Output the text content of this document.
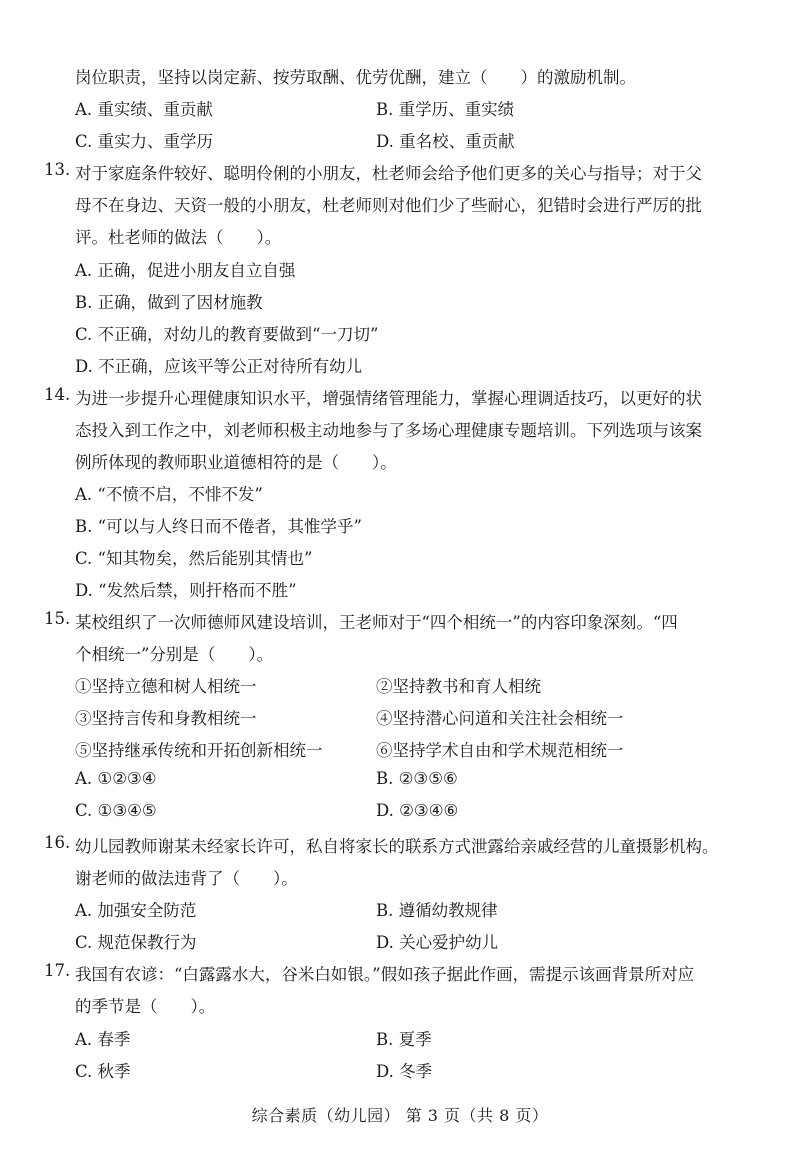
岗位职责，坚持以岗定薪、按劳取酬、优劳优酬，建立（　　）的激励机制。
A. 重实绩、重贡献	B. 重学历、重实绩
C. 重实力、重学历	D. 重名校、重贡献
13. 对于家庭条件较好、聪明伶俐的小朋友，杜老师会给予他们更多的关心与指导；对于父
母不在身边、天资一般的小朋友，杜老师则对他们少了些耐心，犯错时会进行严厉的批
评。杜老师的做法（　　）。
A. 正确，促进小朋友自立自强
B. 正确，做到了因材施教
C. 不正确，对幼儿的教育要做到“一刀切”
D. 不正确，应该平等公正对待所有幼儿
14. 为进一步提升心理健康知识水平，增强情绪管理能力，掌握心理调适技巧，以更好的状
态投入到工作之中，刘老师积极主动地参与了多场心理健康专题培训。下列选项与该案
例所体现的教师职业道德相符的是（　　）。
A. “不愤不启，不悱不发”
B. “可以与人终日而不倦者，其惟学乎”
C. “知其物矣，然后能别其情也”
D. “发然后禁，则扞格而不胜”
15. 某校组织了一次师德师风建设培训，王老师对于“四个相统一”的内容印象深刻。“四
个相统一”分别是（　　）。
①坚持立德和树人相统一	②坚持教书和育人相统
③坚持言传和身教相统一	④坚持潜心问道和关注社会相统一
⑤坚持继承传统和开拓创新相统一	⑥坚持学术自由和学术规范相统一
A. ①②③④	B. ②③⑤⑥
C. ①③④⑤	D. ②③④⑥
16. 幼儿园教师谢某未经家长许可，私自将家长的联系方式泄露给亲戚经营的儿童摄影机构。
谢老师的做法违背了（　　）。
A. 加强安全防范	B. 遵循幼教规律
C. 规范保教行为	D. 关心爱护幼儿
17. 我国有农谚：“白露露水大，谷米白如银。”假如孩子据此作画，需提示该画背景所对应
的季节是（　　）。
A. 春季	B. 夏季
C. 秋季	D. 冬季
综合素质（幼儿园） 第 3 页（共 8 页）
